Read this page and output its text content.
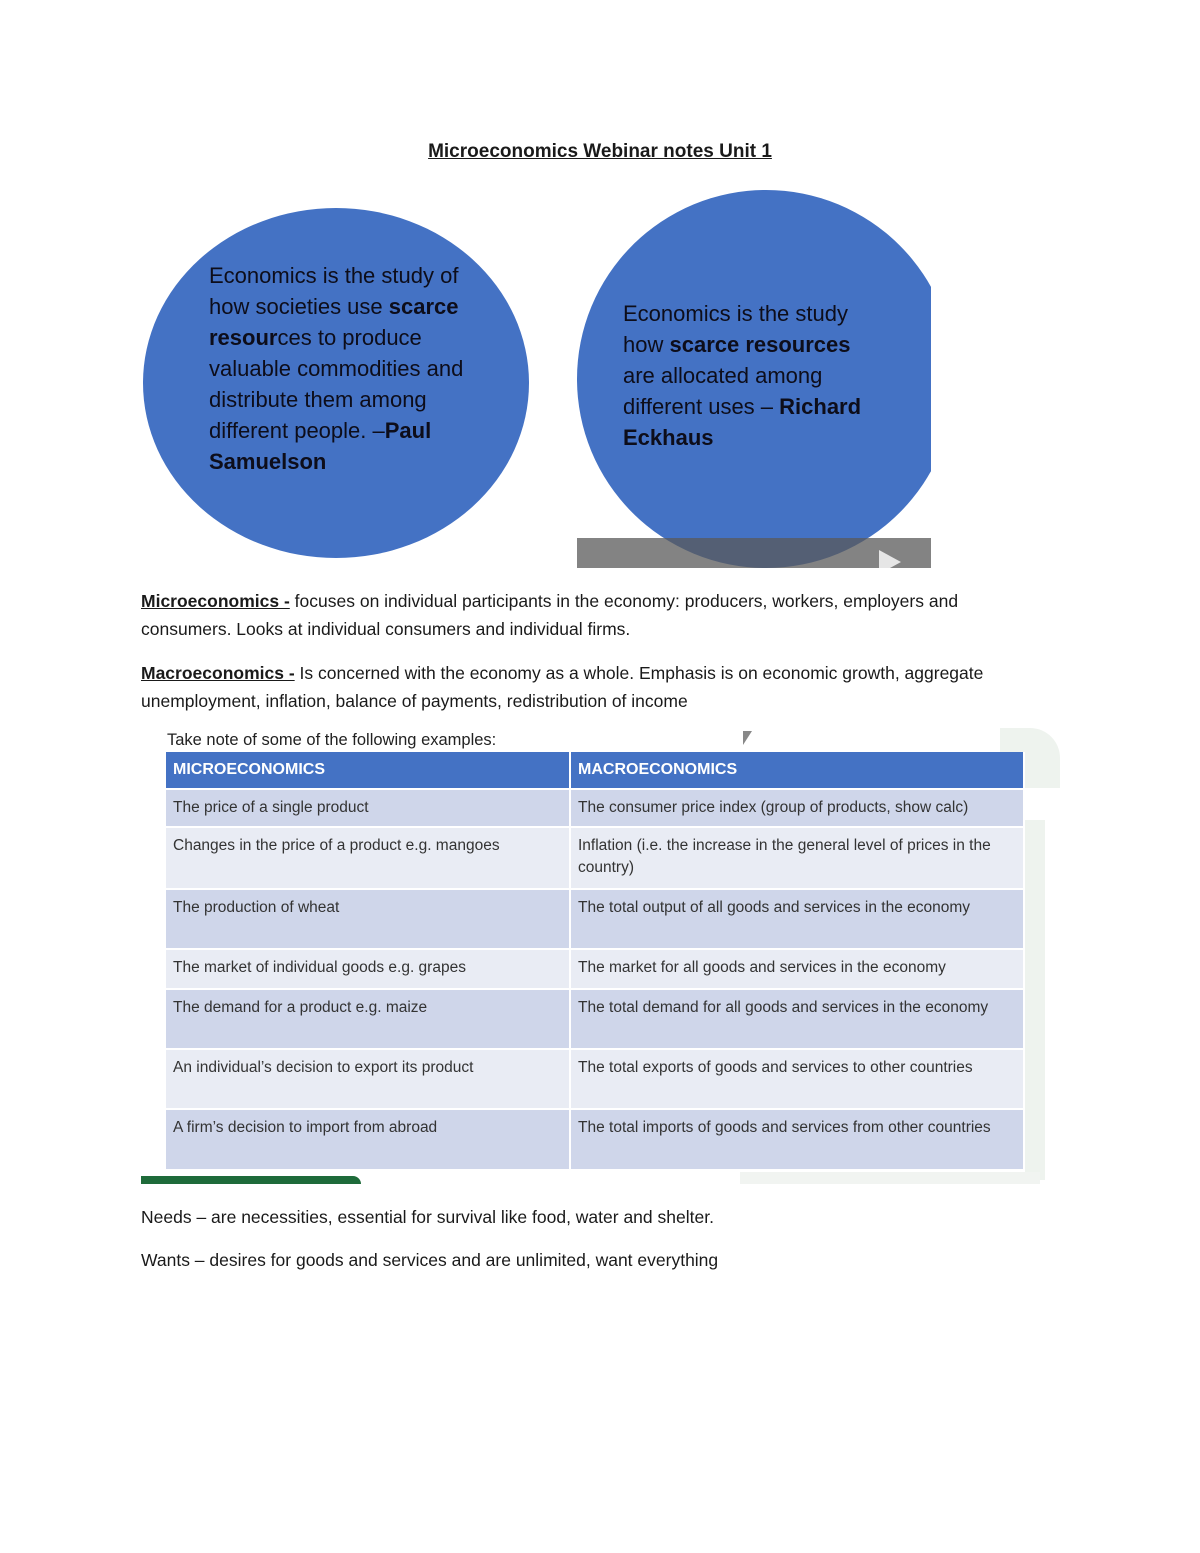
Microeconomics Webinar notes Unit 1

Economics is the study of how societies use scarce resources to produce valuable commodities and distribute them among different people. –Paul Samuelson

Economics is the study how scarce resources are allocated among different uses – Richard Eckhaus

Microeconomics - focuses on individual participants in the economy: producers, workers, employers and consumers. Looks at individual consumers and individual firms.

Macroeconomics - Is concerned with the economy as a whole. Emphasis is on economic growth, aggregate unemployment, inflation, balance of payments, redistribution of income

Take note of some of the following examples:
MICROECONOMICS	MACROECONOMICS
The price of a single product	The consumer price index (group of products, show calc)
Changes in the price of a product e.g. mangoes	Inflation (i.e. the increase in the general level of prices in the country)
The production of wheat	The total output of all goods and services in the economy
The market of individual goods e.g. grapes	The market for all goods and services in the economy
The demand for a product e.g. maize	The total demand for all goods and services in the economy
An individual’s decision to export its product	The total exports of goods and services to other countries
A firm’s decision to import from abroad	The total imports of goods and services from other countries

Needs – are necessities, essential for survival like food, water and shelter.

Wants – desires for goods and services and are unlimited, want everything
